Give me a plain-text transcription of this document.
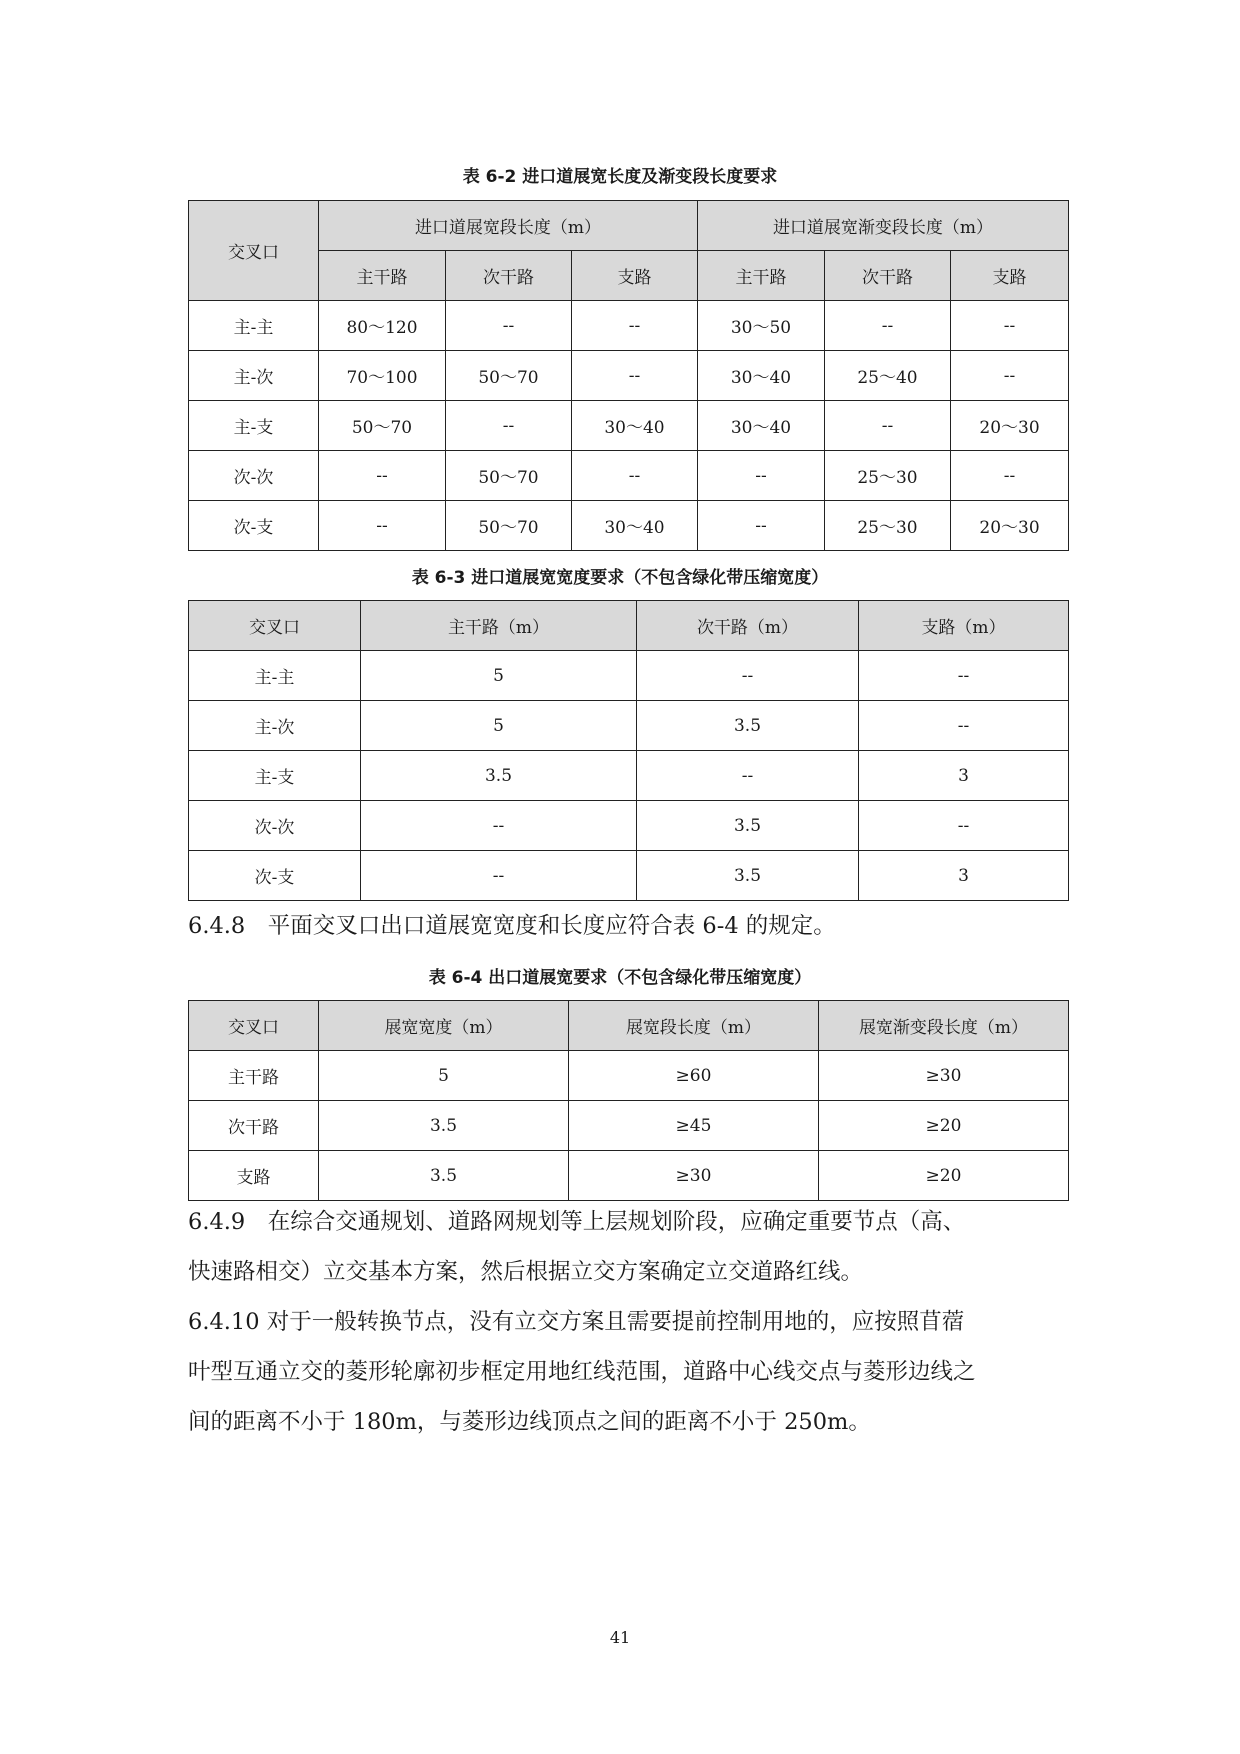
表 6-2 进口道展宽长度及渐变段长度要求
交叉口	进口道展宽段长度（m）			进口道展宽渐变段长度（m）		
	主干路	次干路	支路	主干路	次干路	支路
主-主	80～120	--	--	30～50	--	--
主-次	70～100	50～70	--	30～40	25～40	--
主-支	50～70	--	30～40	30～40	--	20～30
次-次	--	50～70	--	--	25～30	--
次-支	--	50～70	30～40	--	25～30	20～30
表 6-3 进口道展宽宽度要求（不包含绿化带压缩宽度）
交叉口	主干路（m）	次干路（m）	支路（m）
主-主	5	--	--
主-次	5	3.5	--
主-支	3.5	--	3
次-次	--	3.5	--
次-支	--	3.5	3
6.4.8　平面交叉口出口道展宽宽度和长度应符合表 6-4 的规定。
表 6-4 出口道展宽要求（不包含绿化带压缩宽度）
交叉口	展宽宽度（m）	展宽段长度（m）	展宽渐变段长度（m）
主干路	5	≥60	≥30
次干路	3.5	≥45	≥20
支路	3.5	≥30	≥20
6.4.9　在综合交通规划、道路网规划等上层规划阶段，应确定重要节点（高、
快速路相交）立交基本方案，然后根据立交方案确定立交道路红线。
6.4.10 对于一般转换节点，没有立交方案且需要提前控制用地的，应按照苜蓿
叶型互通立交的菱形轮廓初步框定用地红线范围，道路中心线交点与菱形边线之
间的距离不小于 180m，与菱形边线顶点之间的距离不小于 250m。
41
